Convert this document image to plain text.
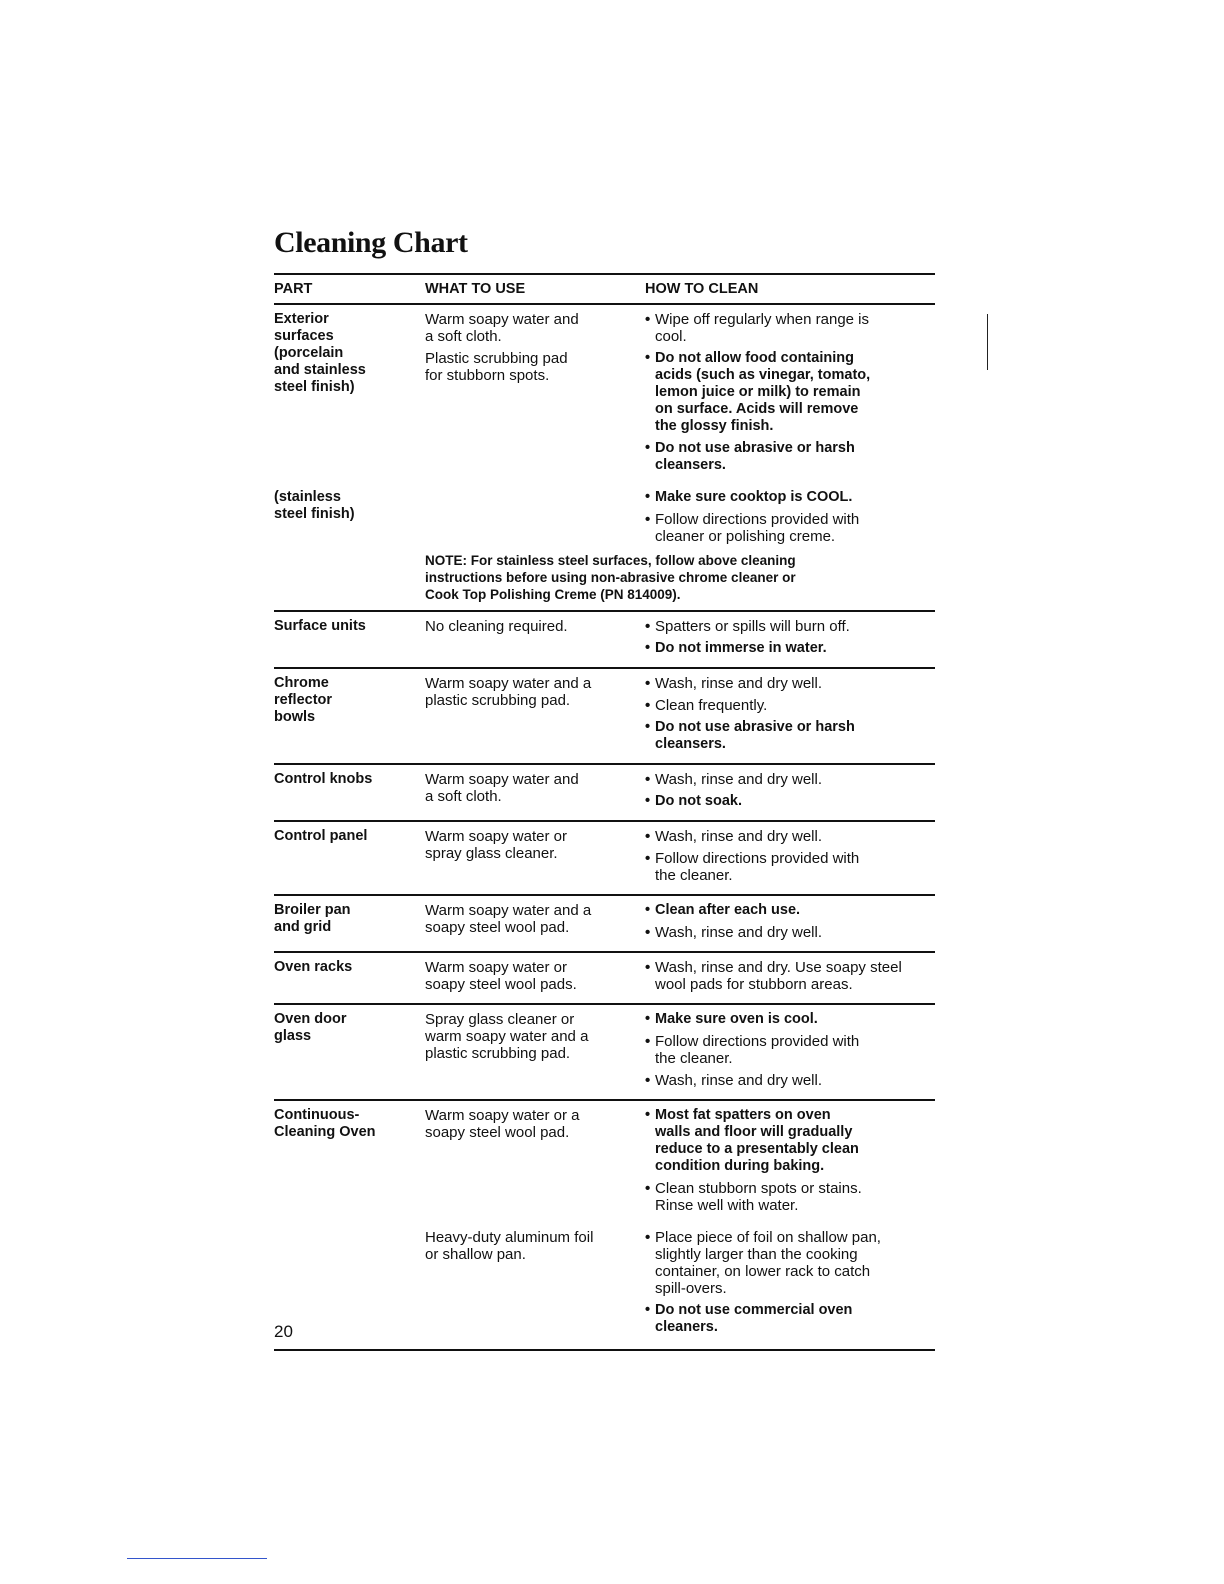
Cleaning Chart
PART	WHAT TO USE	HOW TO CLEAN
Exterior
surfaces
(porcelain
and stainless
steel finish)
Warm soapy water and
a soft cloth.
Plastic scrubbing pad
for stubborn spots.
• Wipe off regularly when range is
cool.
• Do not allow food containing
acids (such as vinegar, tomato,
lemon juice or milk) to remain
on surface. Acids will remove
the glossy finish.
• Do not use abrasive or harsh
cleansers.
(stainless
steel finish)
• Make sure cooktop is COOL.
• Follow directions provided with
cleaner or polishing creme.
NOTE: For stainless steel surfaces, follow above cleaning
instructions before using non-abrasive chrome cleaner or
Cook Top Polishing Creme (PN 814009).
Surface units	No cleaning required.
•	Spatters or spills will burn off.
• Do not immerse in water.
Chrome
reflector
bowls
Warm soapy water and a
plastic scrubbing pad.
• Wash, rinse and dry well.
• Clean frequently.
• Do not use abrasive or harsh
cleansers.
Control knobs	Warm soapy water and
a soft cloth.
• Wash, rinse and dry well.
• Do not soak.
Control panel	Warm soapy water or
spray glass cleaner.
• Wash, rinse and dry well.
• Follow directions provided with
the cleaner.
Broiler pan
and grid
Warm soapy water and a
soapy steel wool pad.
• Clean after each use.
• Wash, rinse and dry well.
Oven racks	Warm soapy water or
soapy steel wool pads.
• Wash, rinse and dry. Use soapy steel
wool pads for stubborn areas.
Oven door
glass
Spray glass cleaner or
warm soapy water and a
plastic scrubbing pad.
• Make sure oven is cool.
• Follow directions provided with
the cleaner.
• Wash, rinse and dry well.
Continuous-
Cleaning Oven
Warm soapy water or a
soapy steel wool pad.
• Most fat spatters on oven
walls and floor will gradually
reduce to a presentably clean
condition during baking.
• Clean stubborn spots or stains.
Rinse well with water.
Heavy-duty aluminum foil
or shallow pan.
• Place piece of foil on shallow pan,
slightly larger than the cooking
container, on lower rack to catch
spill-overs.
• Do not use commercial oven
cleaners.
20
